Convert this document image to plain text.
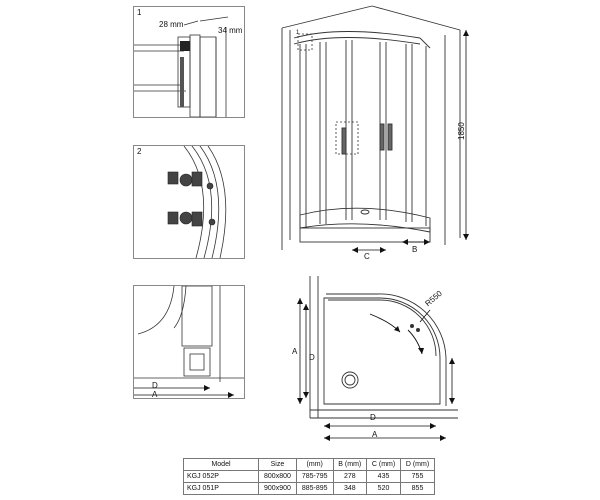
1
28 mm
34 mm
2
D
A
1
1850
C
B
R550
A
D
D
A
Model	Size	(mm)	B (mm)	C (mm)	D (mm)
KGJ 052P	800x800	785-795	278	435	755
KGJ 051P	900x900	885-895	348	520	855
